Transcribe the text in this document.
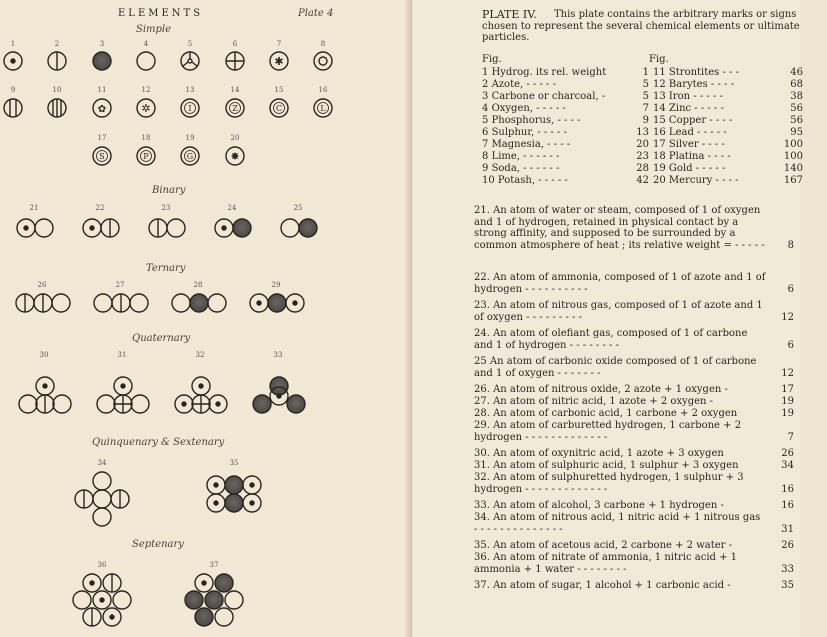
ELEMENTS	Plate 4
Simple
Binary
Ternary
Quaternary
Quinquenary & Sextenary
Septenary
1	2	3	4	5	6	7	8
9	10	11	12	13	14	15	16
17	18	19	20
21	22	23	24	25
26	27	28	29
30	31	32	33
34	35
36	37
✱
✿	✲
✸
I	Z	C	L
S	P	G
PLATE IV.	This plate contains the arbitrary marks or signs chosen to represent the several chemical elements or ultimate particles.
Fig.	Fig.
1 Hydrog. its rel. weight	1 11 Strontites - - -	46
2 Azote, - - - - -	5 12 Barytes - - - -	68
3 Carbone or charcoal, -	5 13 Iron - - - - -	38
4 Oxygen, - - - - -	7 14 Zinc - - - - -	56
5 Phosphorus, - - - -	9 15 Copper - - - -	56
6 Sulphur, - - - - -	13 16 Lead - - - - -	95
7 Magnesia, - - - -	20 17 Silver - - - -	100
8 Lime, - - - - - -	23 18 Platina - - - -	100
9 Soda, - - - - - -	28 19 Gold - - - - -	140
10 Potash, - - - - -	42 20 Mercury - - - -	167
21. An atom of water or steam, composed of 1 of oxygen and 1 of hydrogen, retained in physical contact by a strong affinity, and supposed to be surrounded by a common atmosphere of heat ; its relative weight = - - - - -	8
22. An atom of ammonia, composed of 1 of azote and 1 of hydrogen - - - - - - - - - -	6
23. An atom of nitrous gas, composed of 1 of azote and 1 of oxygen - - - - - - - - -	12
24. An atom of olefiant gas, composed of 1 of carbone and 1 of hydrogen - - - - - - - -	6
25 An atom of carbonic oxide composed of 1 of carbone and 1 of oxygen - - - - - - -	12
26. An atom of nitrous oxide, 2 azote + 1 oxygen -	17
27. An atom of nitric acid, 1 azote + 2 oxygen -	19
28. An atom of carbonic acid, 1 carbone + 2 oxygen	19
29. An atom of carburetted hydrogen, 1 carbone + 2 hydrogen - - - - - - - - - - - - -	7
30. An atom of oxynitric acid, 1 azote + 3 oxygen	26
31. An atom of sulphuric acid, 1 sulphur + 3 oxygen	34
32. An atom of sulphuretted hydrogen, 1 sulphur + 3 hydrogen - - - - - - - - - - - - -	16
33. An atom of alcohol, 3 carbone + 1 hydrogen -	16
34. An atom of nitrous acid, 1 nitric acid + 1 nitrous gas - - - - - - - - - - - - - -	31
35. An atom of acetous acid, 2 carbone + 2 water -	26
36. An atom of nitrate of ammonia, 1 nitric acid + 1 ammonia + 1 water - - - - - - - -	33
37. An atom of sugar, 1 alcohol + 1 carbonic acid -	35
